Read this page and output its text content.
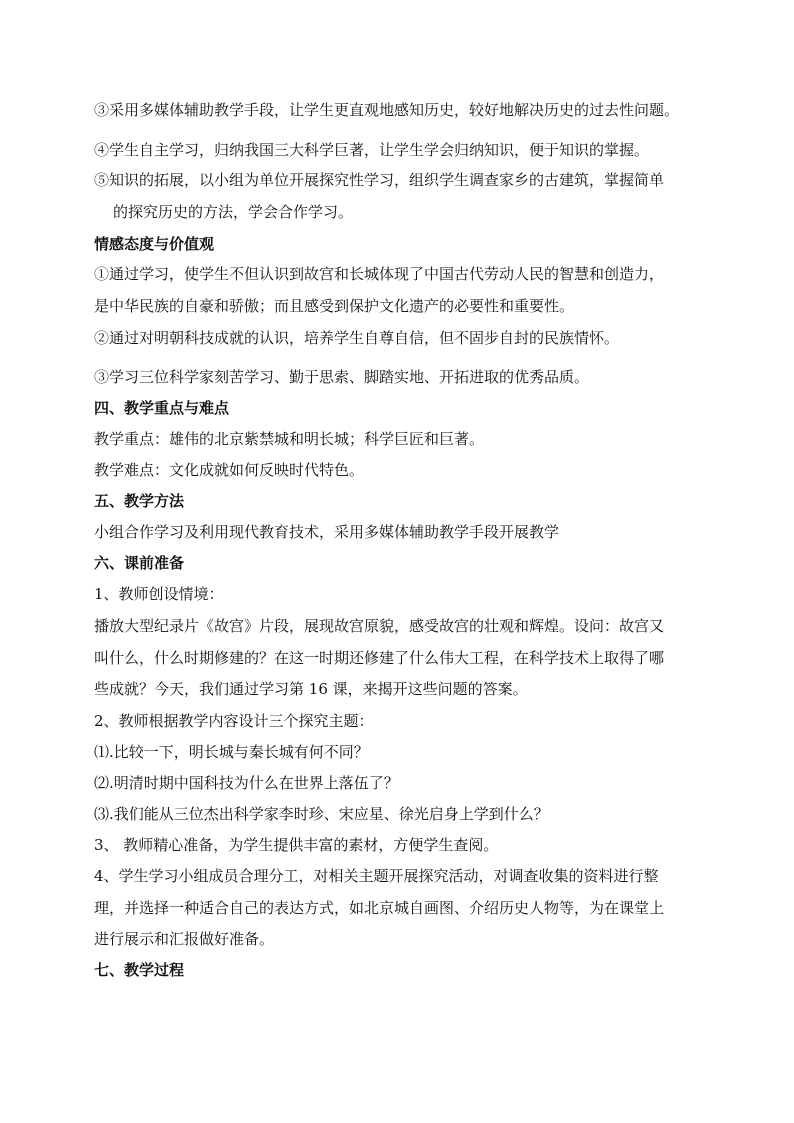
③采用多媒体辅助教学手段，让学生更直观地感知历史，较好地解决历史的过去性问题。
④学生自主学习，归纳我国三大科学巨著，让学生学会归纳知识，便于知识的掌握。
⑤知识的拓展，以小组为单位开展探究性学习，组织学生调查家乡的古建筑，掌握简单
的探究历史的方法，学会合作学习。
情感态度与价值观
①通过学习，使学生不但认识到故宫和长城体现了中国古代劳动人民的智慧和创造力，
是中华民族的自豪和骄傲；而且感受到保护文化遗产的必要性和重要性。
②通过对明朝科技成就的认识，培养学生自尊自信，但不固步自封的民族情怀。
③学习三位科学家刻苦学习、勤于思索、脚踏实地、开拓进取的优秀品质。
四、教学重点与难点
教学重点：雄伟的北京紫禁城和明长城；科学巨匠和巨著。
教学难点：文化成就如何反映时代特色。
五、教学方法
小组合作学习及利用现代教育技术，采用多媒体辅助教学手段开展教学
六、课前准备
1、教师创设情境：
播放大型纪录片《故宫》片段，展现故宫原貌，感受故宫的壮观和辉煌。设问：故宫又
叫什么，什么时期修建的？在这一时期还修建了什么伟大工程，在科学技术上取得了哪
些成就？今天，我们通过学习第 16 课，来揭开这些问题的答案。
2、教师根据教学内容设计三个探究主题：
⑴.比较一下，明长城与秦长城有何不同？
⑵.明清时期中国科技为什么在世界上落伍了？
⑶.我们能从三位杰出科学家李时珍、宋应星、徐光启身上学到什么？
3、 教师精心准备，为学生提供丰富的素材，方便学生查阅。
4、学生学习小组成员合理分工，对相关主题开展探究活动，对调查收集的资料进行整
理，并选择一种适合自己的表达方式，如北京城自画图、介绍历史人物等，为在课堂上
进行展示和汇报做好准备。
七、教学过程
